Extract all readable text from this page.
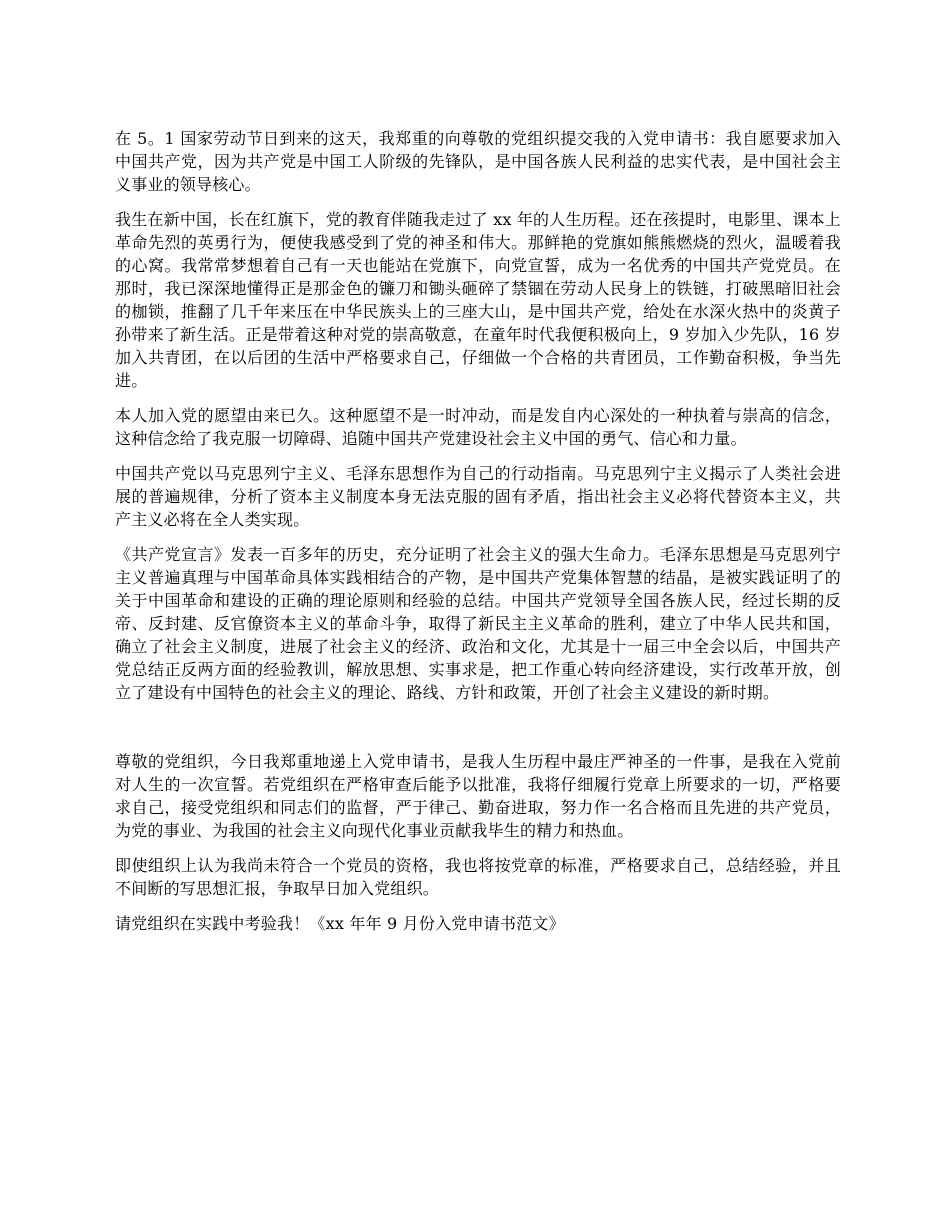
在 5。1 国家劳动节日到来的这天，我郑重的向尊敬的党组织提交我的入党申请书：我自愿要求加入中国共产党，因为共产党是中国工人阶级的先锋队，是中国各族人民利益的忠实代表，是中国社会主义事业的领导核心。

我生在新中国，长在红旗下，党的教育伴随我走过了 xx 年的人生历程。还在孩提时，电影里、课本上革命先烈的英勇行为，便使我感受到了党的神圣和伟大。那鲜艳的党旗如熊熊燃烧的烈火，温暖着我的心窝。我常常梦想着自己有一天也能站在党旗下，向党宣誓，成为一名优秀的中国共产党党员。在那时，我已深深地懂得正是那金色的镰刀和锄头砸碎了禁锢在劳动人民身上的铁链，打破黑暗旧社会的枷锁，推翻了几千年来压在中华民族头上的三座大山，是中国共产党，给处在水深火热中的炎黄子孙带来了新生活。正是带着这种对党的崇高敬意，在童年时代我便积极向上，9 岁加入少先队，16 岁加入共青团，在以后团的生活中严格要求自己，仔细做一个合格的共青团员，工作勤奋积极，争当先进。

本人加入党的愿望由来已久。这种愿望不是一时冲动，而是发自内心深处的一种执着与崇高的信念，这种信念给了我克服一切障碍、追随中国共产党建设社会主义中国的勇气、信心和力量。

中国共产党以马克思列宁主义、毛泽东思想作为自己的行动指南。马克思列宁主义揭示了人类社会进展的普遍规律，分析了资本主义制度本身无法克服的固有矛盾，指出社会主义必将代替资本主义，共产主义必将在全人类实现。

《共产党宣言》发表一百多年的历史，充分证明了社会主义的强大生命力。毛泽东思想是马克思列宁主义普遍真理与中国革命具体实践相结合的产物，是中国共产党集体智慧的结晶，是被实践证明了的关于中国革命和建设的正确的理论原则和经验的总结。中国共产党领导全国各族人民，经过长期的反帝、反封建、反官僚资本主义的革命斗争，取得了新民主主义革命的胜利，建立了中华人民共和国，确立了社会主义制度，进展了社会主义的经济、政治和文化，尤其是十一届三中全会以后，中国共产党总结正反两方面的经验教训，解放思想、实事求是，把工作重心转向经济建设，实行改革开放，创立了建设有中国特色的社会主义的理论、路线、方针和政策，开创了社会主义建设的新时期。

尊敬的党组织，今日我郑重地递上入党申请书，是我人生历程中最庄严神圣的一件事，是我在入党前对人生的一次宣誓。若党组织在严格审查后能予以批准，我将仔细履行党章上所要求的一切，严格要求自己，接受党组织和同志们的监督，严于律己、勤奋进取，努力作一名合格而且先进的共产党员，为党的事业、为我国的社会主义向现代化事业贡献我毕生的精力和热血。

即使组织上认为我尚未符合一个党员的资格，我也将按党章的标准，严格要求自己，总结经验，并且不间断的写思想汇报，争取早日加入党组织。

请党组织在实践中考验我！《xx 年年 9 月份入党申请书范文》
